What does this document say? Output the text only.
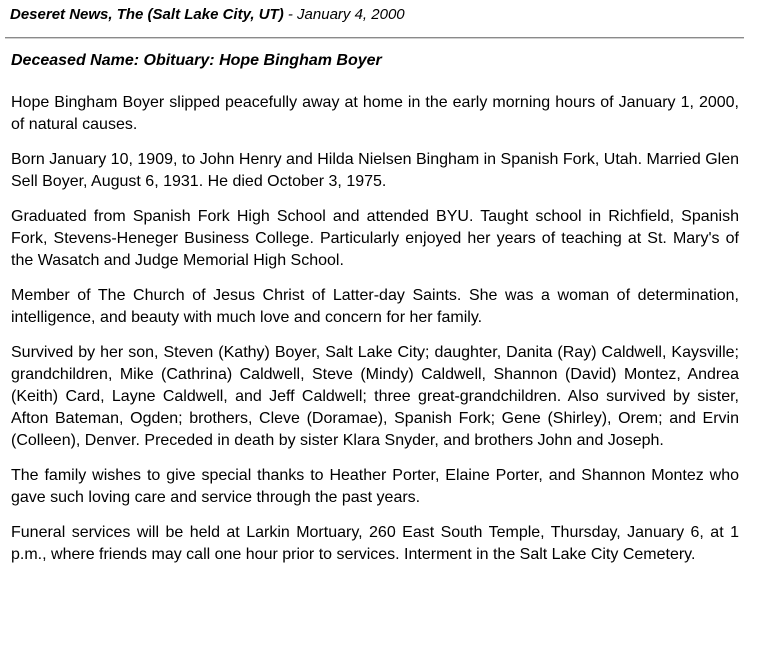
Deseret News, The (Salt Lake City, UT) - January 4, 2000
Deceased Name: Obituary: Hope Bingham Boyer

Hope Bingham Boyer slipped peacefully away at home in the early morning hours of January 1, 2000, of natural causes.

Born January 10, 1909, to John Henry and Hilda Nielsen Bingham in Spanish Fork, Utah. Married Glen Sell Boyer, August 6, 1931. He died October 3, 1975.

Graduated from Spanish Fork High School and attended BYU. Taught school in Richfield, Spanish Fork, Stevens-Heneger Business College. Particularly enjoyed her years of teaching at St. Mary's of the Wasatch and Judge Memorial High School.

Member of The Church of Jesus Christ of Latter-day Saints. She was a woman of determination, intelligence, and beauty with much love and concern for her family.

Survived by her son, Steven (Kathy) Boyer, Salt Lake City; daughter, Danita (Ray) Caldwell, Kaysville; grandchildren, Mike (Cathrina) Caldwell, Steve (Mindy) Caldwell, Shannon (David) Montez, Andrea (Keith) Card, Layne Caldwell, and Jeff Caldwell; three great-grandchildren. Also survived by sister, Afton Bateman, Ogden; brothers, Cleve (Doramae), Spanish Fork; Gene (Shirley), Orem; and Ervin (Colleen), Denver. Preceded in death by sister Klara Snyder, and brothers John and Joseph.

The family wishes to give special thanks to Heather Porter, Elaine Porter, and Shannon Montez who gave such loving care and service through the past years.

Funeral services will be held at Larkin Mortuary, 260 East South Temple, Thursday, January 6, at 1 p.m., where friends may call one hour prior to services. Interment in the Salt Lake City Cemetery.
